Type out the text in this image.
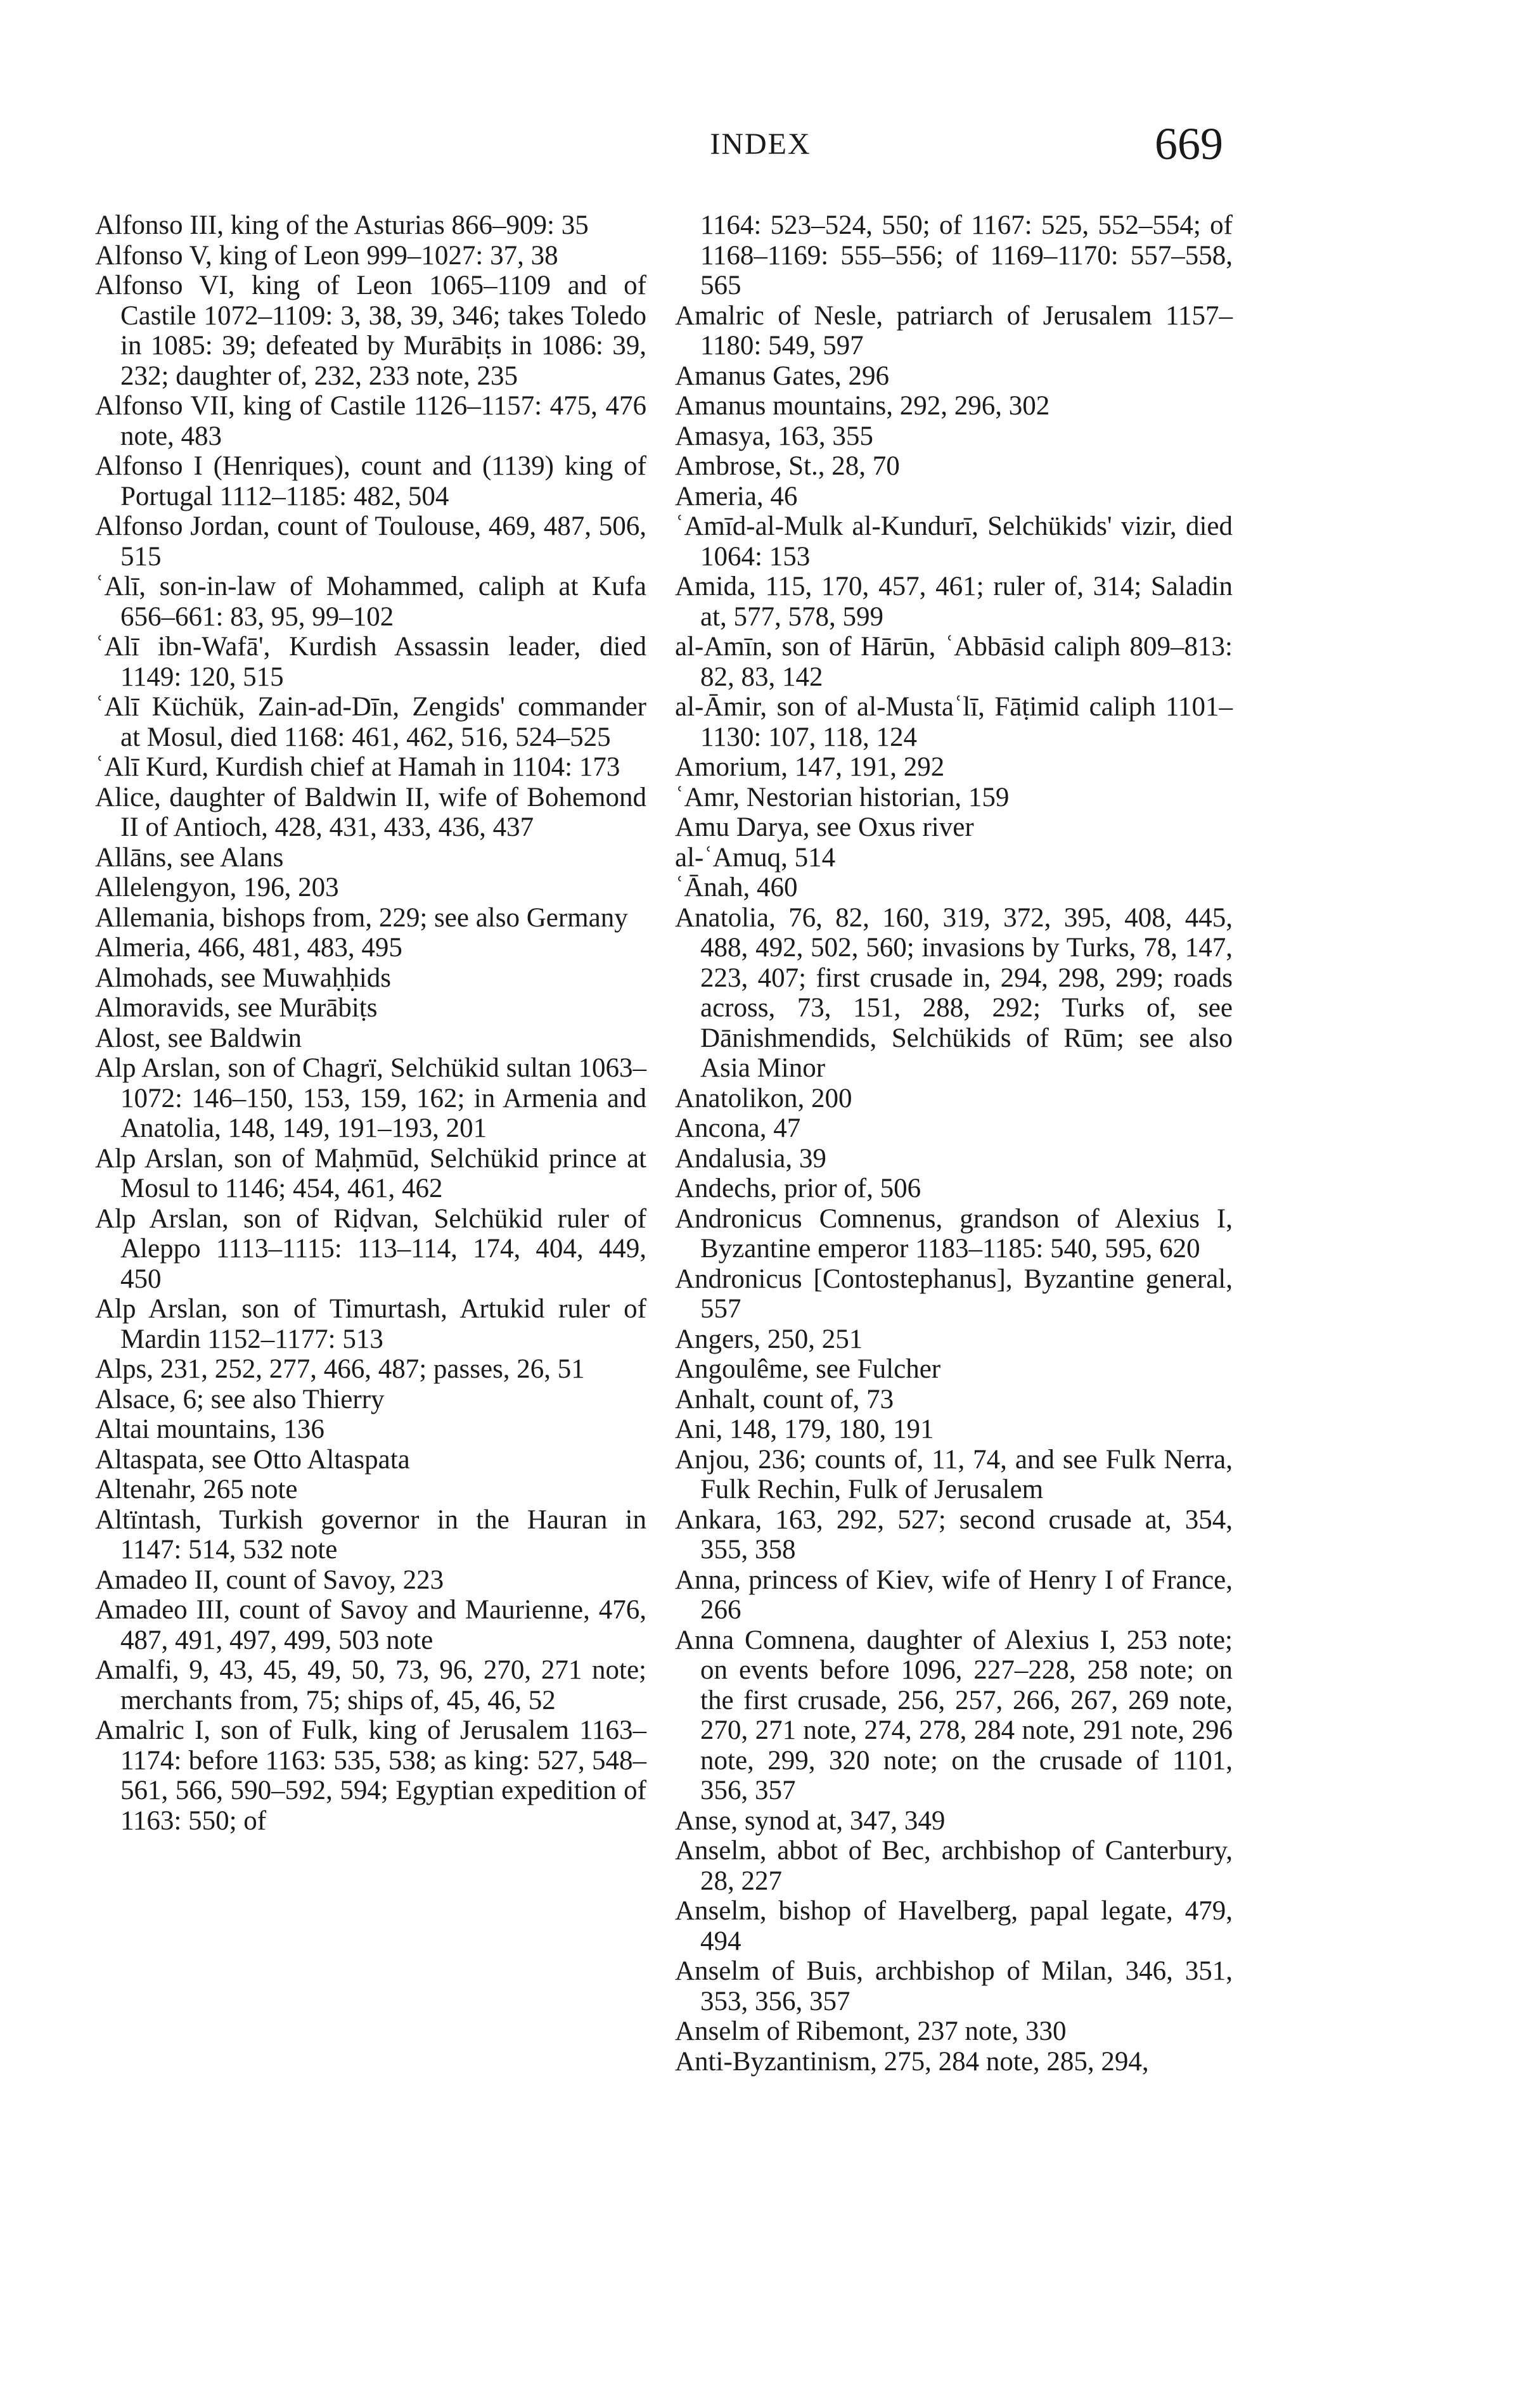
INDEX	669

Alfonso III, king of the Asturias 866–909: 35

Alfonso V, king of Leon 999–1027: 37, 38

Alfonso VI, king of Leon 1065–1109 and of Castile 1072–1109: 3, 38, 39, 346; takes Toledo in 1085: 39; defeated by Murābiṭs in 1086: 39, 232; daughter of, 232, 233 note, 235

Alfonso VII, king of Castile 1126–1157: 475, 476 note, 483

Alfonso I (Henriques), count and (1139) king of Portugal 1112–1185: 482, 504

Alfonso Jordan, count of Toulouse, 469, 487, 506, 515

ʿAlī, son-in-law of Mohammed, caliph at Kufa 656–661: 83, 95, 99–102

ʿAlī ibn-Wafā', Kurdish Assassin leader, died 1149: 120, 515

ʿAlī Küchük, Zain-ad-Dīn, Zengids' commander at Mosul, died 1168: 461, 462, 516, 524–525

ʿAlī Kurd, Kurdish chief at Hamah in 1104: 173

Alice, daughter of Baldwin II, wife of Bohemond II of Antioch, 428, 431, 433, 436, 437

Allāns, see Alans

Allelengyon, 196, 203

Allemania, bishops from, 229; see also Germany

Almeria, 466, 481, 483, 495

Almohads, see Muwaḥḥids

Almoravids, see Murābiṭs

Alost, see Baldwin

Alp Arslan, son of Chagrï, Selchükid sultan 1063–1072: 146–150, 153, 159, 162; in Armenia and Anatolia, 148, 149, 191–193, 201

Alp Arslan, son of Maḥmūd, Selchükid prince at Mosul to 1146; 454, 461, 462

Alp Arslan, son of Riḍvan, Selchükid ruler of Aleppo 1113–1115: 113–114, 174, 404, 449, 450

Alp Arslan, son of Timurtash, Artukid ruler of Mardin 1152–1177: 513

Alps, 231, 252, 277, 466, 487; passes, 26, 51

Alsace, 6; see also Thierry

Altai mountains, 136

Altaspata, see Otto Altaspata

Altenahr, 265 note

Altïntash, Turkish governor in the Hauran in 1147: 514, 532 note

Amadeo II, count of Savoy, 223

Amadeo III, count of Savoy and Maurienne, 476, 487, 491, 497, 499, 503 note

Amalfi, 9, 43, 45, 49, 50, 73, 96, 270, 271 note; merchants from, 75; ships of, 45, 46, 52

Amalric I, son of Fulk, king of Jerusalem 1163–1174: before 1163: 535, 538; as king: 527, 548–561, 566, 590–592, 594; Egyptian expedition of 1163: 550; of

1164: 523–524, 550; of 1167: 525, 552–554; of 1168–1169: 555–556; of 1169–1170: 557–558, 565

Amalric of Nesle, patriarch of Jerusalem 1157–1180: 549, 597

Amanus Gates, 296

Amanus mountains, 292, 296, 302

Amasya, 163, 355

Ambrose, St., 28, 70

Ameria, 46

ʿAmīd-al-Mulk al-Kundurī, Selchükids' vizir, died 1064: 153

Amida, 115, 170, 457, 461; ruler of, 314; Saladin at, 577, 578, 599

al-Amīn, son of Hārūn, ʿAbbāsid caliph 809–813: 82, 83, 142

al-Āmir, son of al-Mustaʿlī, Fāṭimid caliph 1101–1130: 107, 118, 124

Amorium, 147, 191, 292

ʿAmr, Nestorian historian, 159

Amu Darya, see Oxus river

al-ʿAmuq, 514

ʿĀnah, 460

Anatolia, 76, 82, 160, 319, 372, 395, 408, 445, 488, 492, 502, 560; invasions by Turks, 78, 147, 223, 407; first crusade in, 294, 298, 299; roads across, 73, 151, 288, 292; Turks of, see Dānishmendids, Selchükids of Rūm; see also Asia Minor

Anatolikon, 200

Ancona, 47

Andalusia, 39

Andechs, prior of, 506

Andronicus Comnenus, grandson of Alexius I, Byzantine emperor 1183–1185: 540, 595, 620

Andronicus [Contostephanus], Byzantine general, 557

Angers, 250, 251

Angoulême, see Fulcher

Anhalt, count of, 73

Ani, 148, 179, 180, 191

Anjou, 236; counts of, 11, 74, and see Fulk Nerra, Fulk Rechin, Fulk of Jerusalem

Ankara, 163, 292, 527; second crusade at, 354, 355, 358

Anna, princess of Kiev, wife of Henry I of France, 266

Anna Comnena, daughter of Alexius I, 253 note; on events before 1096, 227–228, 258 note; on the first crusade, 256, 257, 266, 267, 269 note, 270, 271 note, 274, 278, 284 note, 291 note, 296 note, 299, 320 note; on the crusade of 1101, 356, 357

Anse, synod at, 347, 349

Anselm, abbot of Bec, archbishop of Canterbury, 28, 227

Anselm, bishop of Havelberg, papal legate, 479, 494

Anselm of Buis, archbishop of Milan, 346, 351, 353, 356, 357

Anselm of Ribemont, 237 note, 330

Anti-Byzantinism, 275, 284 note, 285, 294,
